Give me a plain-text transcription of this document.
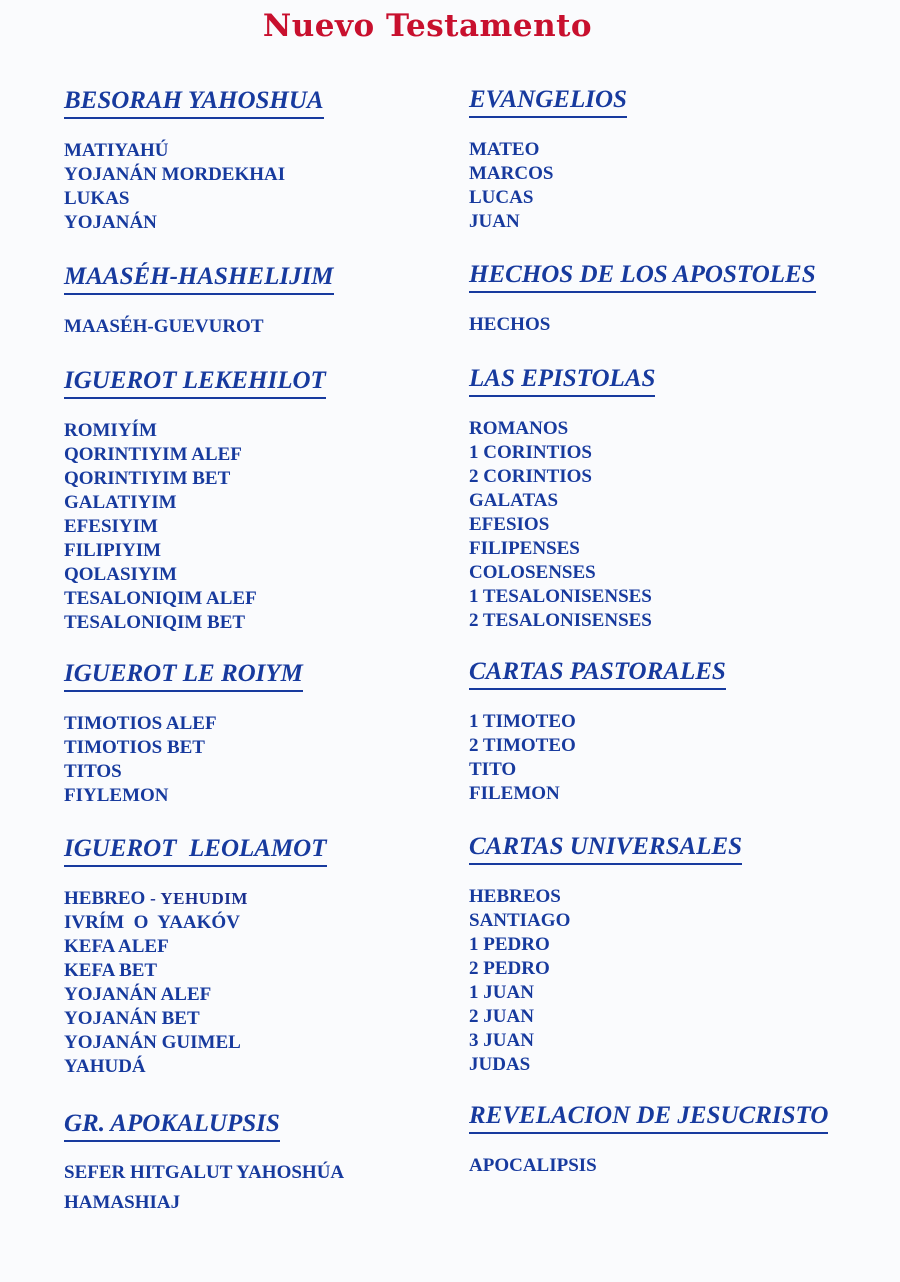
Nuevo Testamento
BESORAH YAHOSHUA
MATIYAHÚ
YOJANÁN MORDEKHAI
LUKAS
YOJANÁN
MAASÉH-HASHELIJIM
MAASÉH-GUEVUROT
IGUEROT LEKEHILOT
ROMIYÍM
QORINTIYIM ALEF
QORINTIYIM BET
GALATIYIM
EFESIYIM
FILIPIYIM
QOLASIYIM
TESALONIQIM ALEF
TESALONIQIM BET
IGUEROT LE ROIYM
TIMOTIOS ALEF
TIMOTIOS BET
TITOS
FIYLEMON
IGUEROT  LEOLAMOT
HEBREO - YEHUDIM
IVRÍM  O  YAAKÓV
KEFA ALEF
KEFA BET
YOJANÁN ALEF
YOJANÁN BET
YOJANÁN GUIMEL
YAHUDÁ
GR. APOKALUPSIS
SEFER HITGALUT YAHOSHÚA
HAMASHIAJ
EVANGELIOS
MATEO
MARCOS
LUCAS
JUAN
HECHOS DE LOS APOSTOLES
HECHOS
LAS EPISTOLAS
ROMANOS
1 CORINTIOS
2 CORINTIOS
GALATAS
EFESIOS
FILIPENSES
COLOSENSES
1 TESALONISENSES
2 TESALONISENSES
CARTAS PASTORALES
1 TIMOTEO
2 TIMOTEO
TITO
FILEMON
CARTAS UNIVERSALES
HEBREOS
SANTIAGO
1 PEDRO
2 PEDRO
1 JUAN
2 JUAN
3 JUAN
JUDAS
REVELACION DE JESUCRISTO
APOCALIPSIS
